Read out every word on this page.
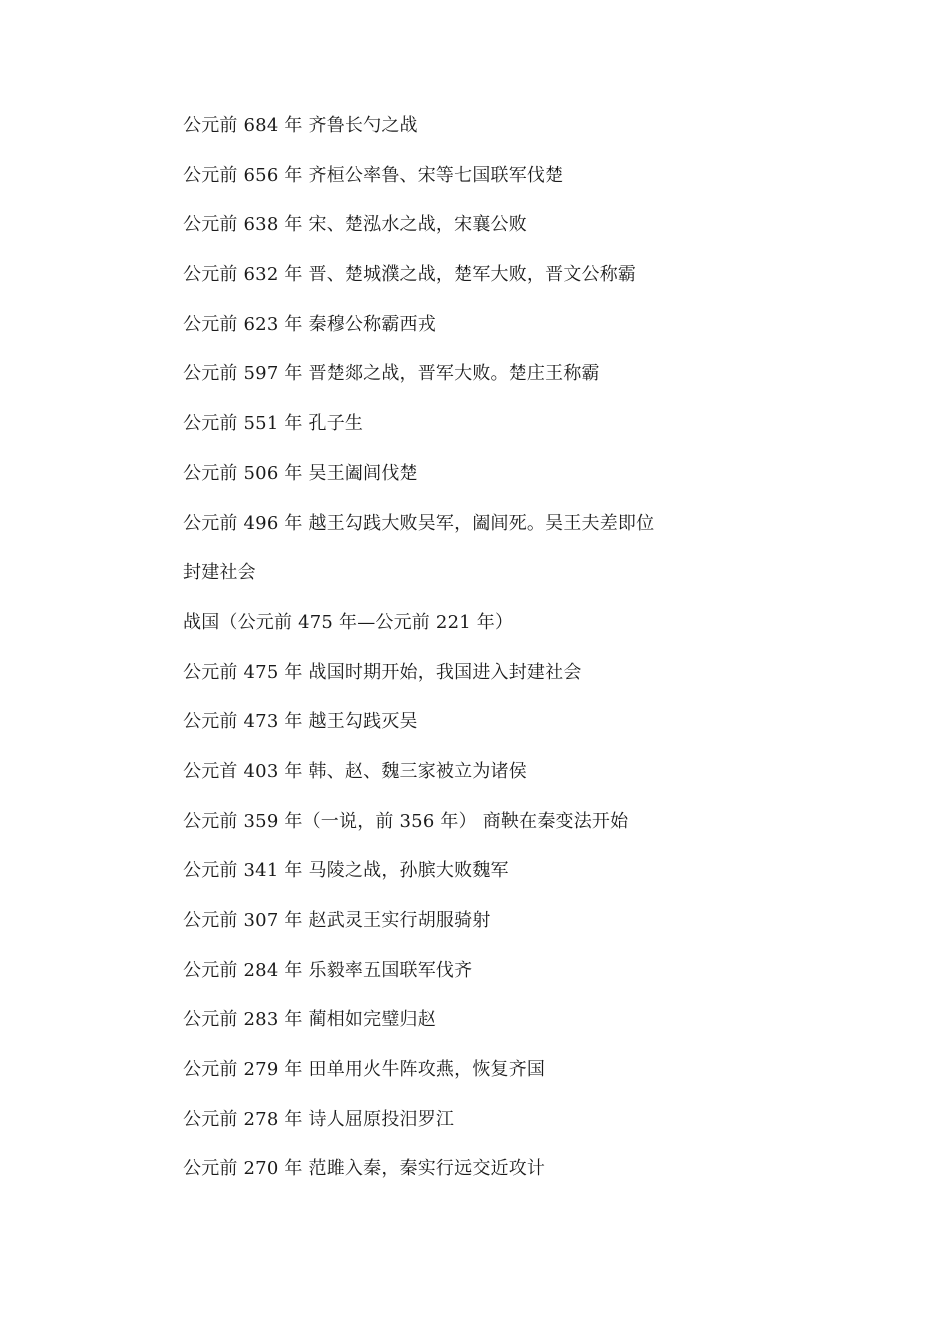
公元前 684 年 齐鲁长勺之战
公元前 656 年 齐桓公率鲁、宋等七国联军伐楚
公元前 638 年 宋、楚泓水之战，宋襄公败
公元前 632 年 晋、楚城濮之战，楚军大败，晋文公称霸
公元前 623 年 秦穆公称霸西戎
公元前 597 年 晋楚郯之战，晋军大败。楚庄王称霸
公元前 551 年 孔子生
公元前 506 年 吴王阖闾伐楚
公元前 496 年 越王勾践大败吴军，阖闾死。吴王夫差即位
封建社会
战国（公元前 475 年—公元前 221 年）
公元前 475 年 战国时期开始，我国进入封建社会
公元前 473 年 越王勾践灭吴
公元首 403 年 韩、赵、魏三家被立为诸侯
公元前 359 年（一说，前 356 年） 商鞅在秦变法开始
公元前 341 年 马陵之战，孙膑大败魏军
公元前 307 年 赵武灵王实行胡服骑射
公元前 284 年 乐毅率五国联军伐齐
公元前 283 年 蔺相如完璧归赵
公元前 279 年 田单用火牛阵攻燕，恢复齐国
公元前 278 年 诗人屈原投汨罗江
公元前 270 年 范雎入秦，秦实行远交近攻计
